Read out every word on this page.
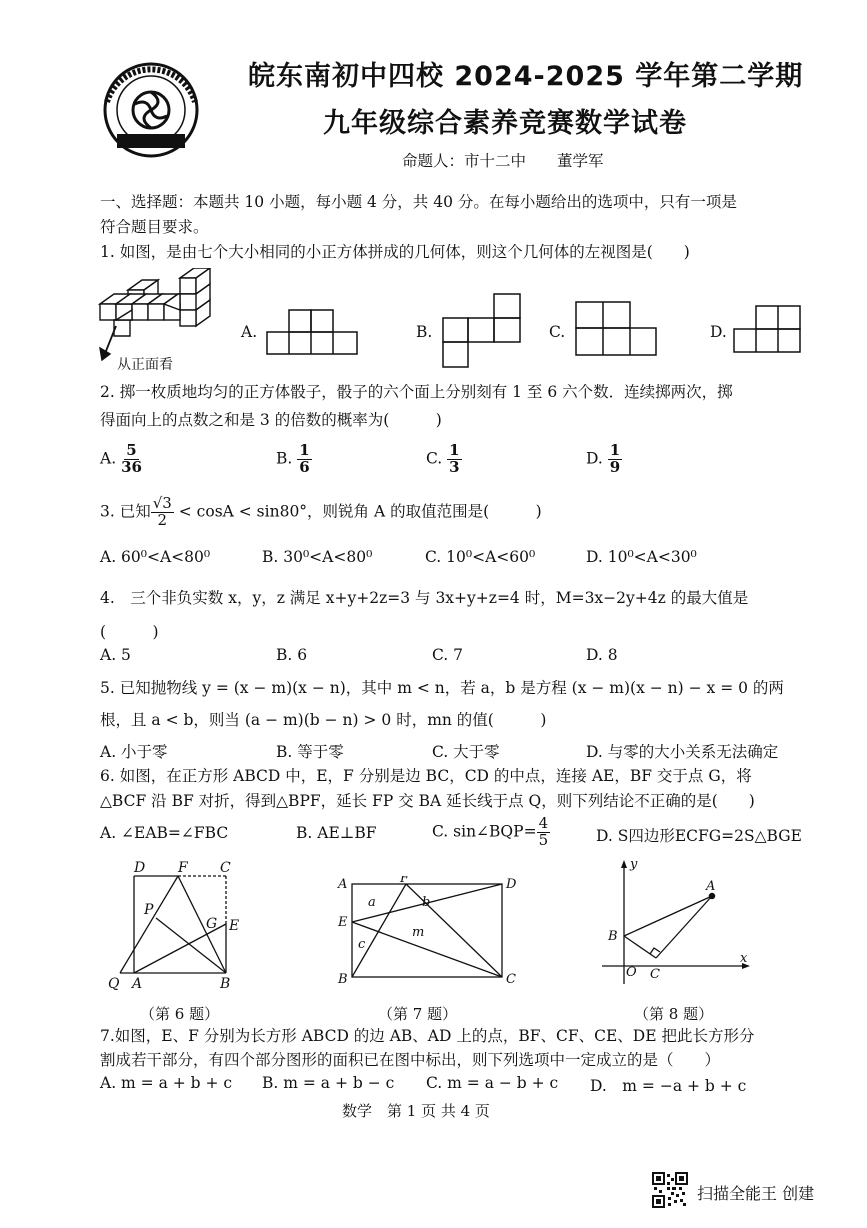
皖东南初中四校 2024-2025 学年第二学期
九年级综合素养竞赛数学试卷
命题人：市十二中　　董学军
一、选择题：本题共 10 小题，每小题 4 分，共 40 分。在每小题给出的选项中，只有一项是
符合题目要求。
1. 如图，是由七个大小相同的小正方体拼成的几何体，则这个几何体的左视图是(　　)
从正面看
A.	B.	C.	D.
2. 掷一枚质地均匀的正方体骰子，骰子的六个面上分别刻有 1 至 6 六个数．连续掷两次，掷
得面向上的点数之和是 3 的倍数的概率为(　　　)
A. $\frac{5}{36}$	B. $\frac{1}{6}$	C. $\frac{1}{3}$	D. $\frac{1}{9}$
3. 已知 $\frac{√3}{2} < \cos A < \sin 80^\circ$，则锐角 A 的取值范围是(　　　)
A. 60⁰<A<80⁰	B. 30⁰<A<80⁰	C. 10⁰<A<60⁰	D. 10⁰<A<30⁰
4.　三个非负实数 x，y，z 满足 x+y+2z=3 与 3x+y+z=4 时，M=3x−2y+4z 的最大值是
(　　　)
A. 5	B. 6	C. 7	D. 8
5. 已知抛物线 y = (x − m)(x − n)，其中 m < n，若 a，b 是方程 (x − m)(x − n) − x = 0 的两
根，且 a < b，则当 (a − m)(b − n) > 0 时，mn 的值(　　　)
A. 小于零	B. 等于零	C. 大于零	D. 与零的大小关系无法确定
6. 如图，在正方形 ABCD 中，E，F 分别是边 BC，CD 的中点，连接 AE，BF 交于点 G，将
△BCF 沿 BF 对折，得到△BPF，延长 FP 交 BA 延长线于点 Q，则下列结论不正确的是(　　)
A. ∠EAB=∠FBC	B. AE⊥BF	C. sin∠BQP= $\frac{4}{5}$	D. S四边形ECFG=2S△BGE
D F C
P
G E
Q A	B
（第 6 题）
A	F	D
E
B	C
a	b
c
m
（第 7 题）
y
A
B
O C
x
（第 8 题）
7.如图，E、F 分别为长方形 ABCD 的边 AB、AD 上的点，BF、CF、CE、DE 把此长方形分
割成若干部分，有四个部分图形的面积已在图中标出，则下列选项中一定成立的是（　　）
A. m = a + b + c B. m = a + b − c C. m = a − b + c D.　m = −a + b + c
数学　第 1 页 共 4 页
扫描全能王 创建
